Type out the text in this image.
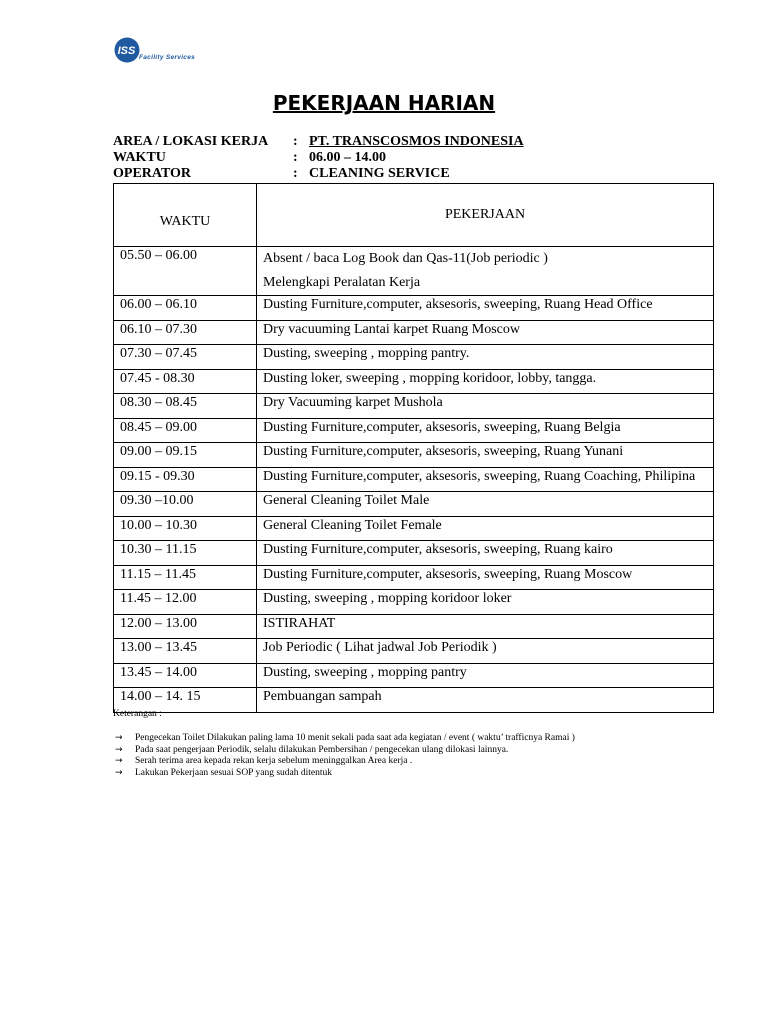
ISS
Facility Services
PEKERJAAN HARIAN
AREA / LOKASI KERJA : PT. TRANSCOSMOS INDONESIA
WAKTU	: 06.00 – 14.00
OPERATOR	: CLEANING SERVICE
WAKTU	PEKERJAAN
05.50 – 06.00	Absent / baca Log Book dan Qas-11(Job periodic )
Melengkapi Peralatan Kerja

06.00 – 06.10	Dusting Furniture,computer, aksesoris, sweeping, Ruang Head Office
06.10 – 07.30	Dry vacuuming Lantai karpet Ruang Moscow
07.30 – 07.45	Dusting, sweeping , mopping pantry.
07.45 - 08.30	Dusting loker, sweeping , mopping koridoor, lobby, tangga.
08.30 – 08.45	Dry Vacuuming karpet Mushola
08.45 – 09.00	Dusting Furniture,computer, aksesoris, sweeping, Ruang Belgia
09.00 – 09.15	Dusting Furniture,computer, aksesoris, sweeping, Ruang Yunani
09.15 - 09.30	Dusting Furniture,computer, aksesoris, sweeping, Ruang Coaching, Philipina
09.30 –10.00	General Cleaning Toilet Male
10.00 – 10.30	General Cleaning Toilet Female
10.30 – 11.15	Dusting Furniture,computer, aksesoris, sweeping, Ruang kairo
11.15 – 11.45	Dusting Furniture,computer, aksesoris, sweeping, Ruang Moscow
11.45 – 12.00	Dusting, sweeping , mopping koridoor loker
12.00 – 13.00	ISTIRAHAT
13.00 – 13.45	Job Periodic ( Lihat jadwal Job Periodik )
13.45 – 14.00	Dusting, sweeping , mopping pantry
14.00 – 14. 15	Pembuangan sampah
Keterangan :
→ Pengecekan Toilet Dilakukan paling lama 10 menit sekali pada saat ada kegiatan / event ( waktu’ trafficnya Ramai )
→ Pada saat pengerjaan Periodik, selalu dilakukan Pembersihan / pengecekan ulang dilokasi lainnya.
→ Serah terima area kepada rekan kerja sebelum meninggalkan Area kerja .
→ Lakukan Pekerjaan sesuai SOP yang sudah ditentuk
